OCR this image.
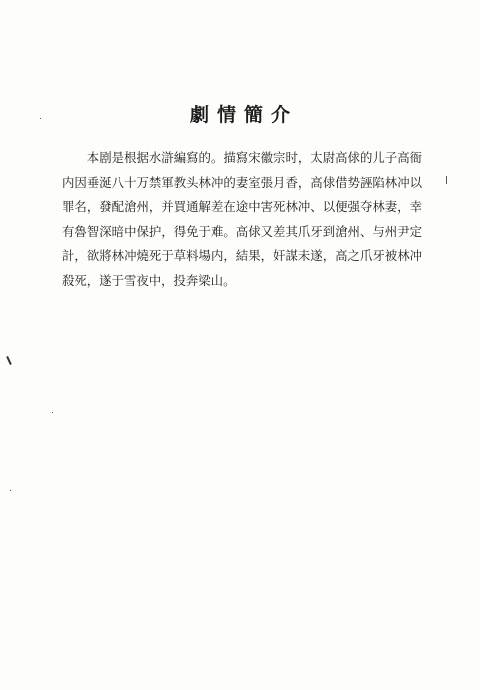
劇情簡介

本剧是根据水滸編寫的。描寫宋徽宗时，太尉高俅的儿子高衙内因垂涎八十万禁軍教头林冲的妻室張月香，高俅借势誣陷林冲以罪名，發配滄州，并買通解差在途中害死林冲、以便强夺林妻，幸有魯智深暗中保护，得免于难。高俅又差其爪牙到滄州、与州尹定計，欲將林冲燒死于草料場内，結果，奸謀未遂，高之爪牙被林冲殺死，遂于雪夜中，投奔梁山。
